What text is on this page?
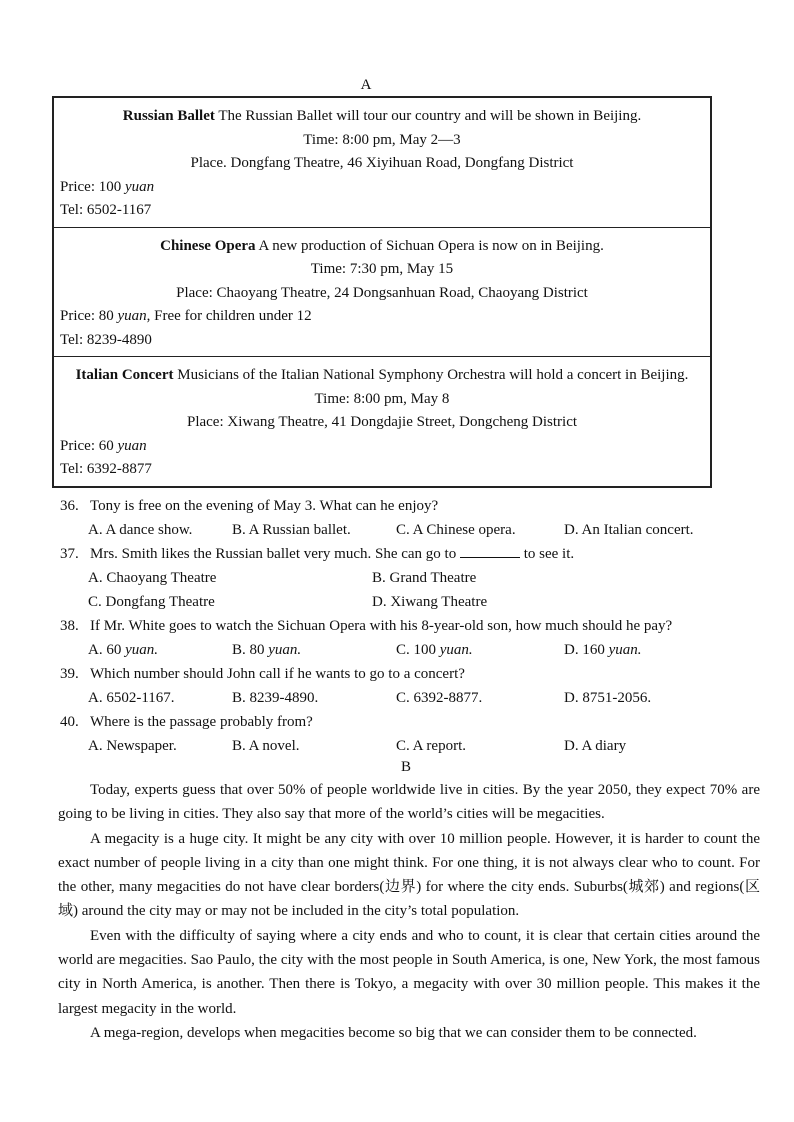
A
Russian Ballet The Russian Ballet will tour our country and will be shown in Beijing.
Time: 8:00 pm, May 2—3
Place. Dongfang Theatre, 46 Xiyihuan Road, Dongfang District
Price: 100 yuan
Tel: 6502-1167
Chinese Opera A new production of Sichuan Opera is now on in Beijing.
Time: 7:30 pm, May 15
Place: Chaoyang Theatre, 24 Dongsanhuan Road, Chaoyang District
Price: 80 yuan, Free for children under 12
Tel: 8239-4890
Italian Concert Musicians of the Italian National Symphony Orchestra will hold a concert in Beijing.
Time: 8:00 pm, May 8
Place: Xiwang Theatre, 41 Dongdajie Street, Dongcheng District
Price: 60 yuan
Tel: 6392-8877
36. Tony is free on the evening of May 3. What can he enjoy?
A. A dance show.	B. A Russian ballet.	C. A Chinese opera.	D. An Italian concert.
37. Mrs. Smith likes the Russian ballet very much. She can go to	to see it.
A. Chaoyang Theatre	B. Grand Theatre
C. Dongfang Theatre	D. Xiwang Theatre
38. If Mr. White goes to watch the Sichuan Opera with his 8-year-old son, how much should he pay?
A. 60 yuan.	B. 80 yuan.	C. 100 yuan.	D. 160 yuan.
39. Which number should John call if he wants to go to a concert?
A. 6502-1167.	B. 8239-4890.	C. 6392-8877.	D. 8751-2056.
40. Where is the passage probably from?
A. Newspaper.	B. A novel.	C. A report.	D. A diary
B

Today, experts guess that over 50% of people worldwide live in cities. By the year 2050, they expect 70% are going to be living in cities. They also say that more of the world’s cities will be megacities.

A megacity is a huge city. It might be any city with over 10 million people. However, it is harder to count the exact number of people living in a city than one might think. For one thing, it is not always clear who to count. For the other, many megacities do not have clear borders(边界) for where the city ends. Suburbs(城郊) and regions(区域) around the city may or may not be included in the city’s total population.

Even with the difficulty of saying where a city ends and who to count, it is clear that certain cities around the world are megacities. Sao Paulo, the city with the most people in South America, is one, New York, the most famous city in North America, is another. Then there is Tokyo, a megacity with over 30 million people. This makes it the largest megacity in the world.

A mega-region, develops when megacities become so big that we can consider them to be connected.
